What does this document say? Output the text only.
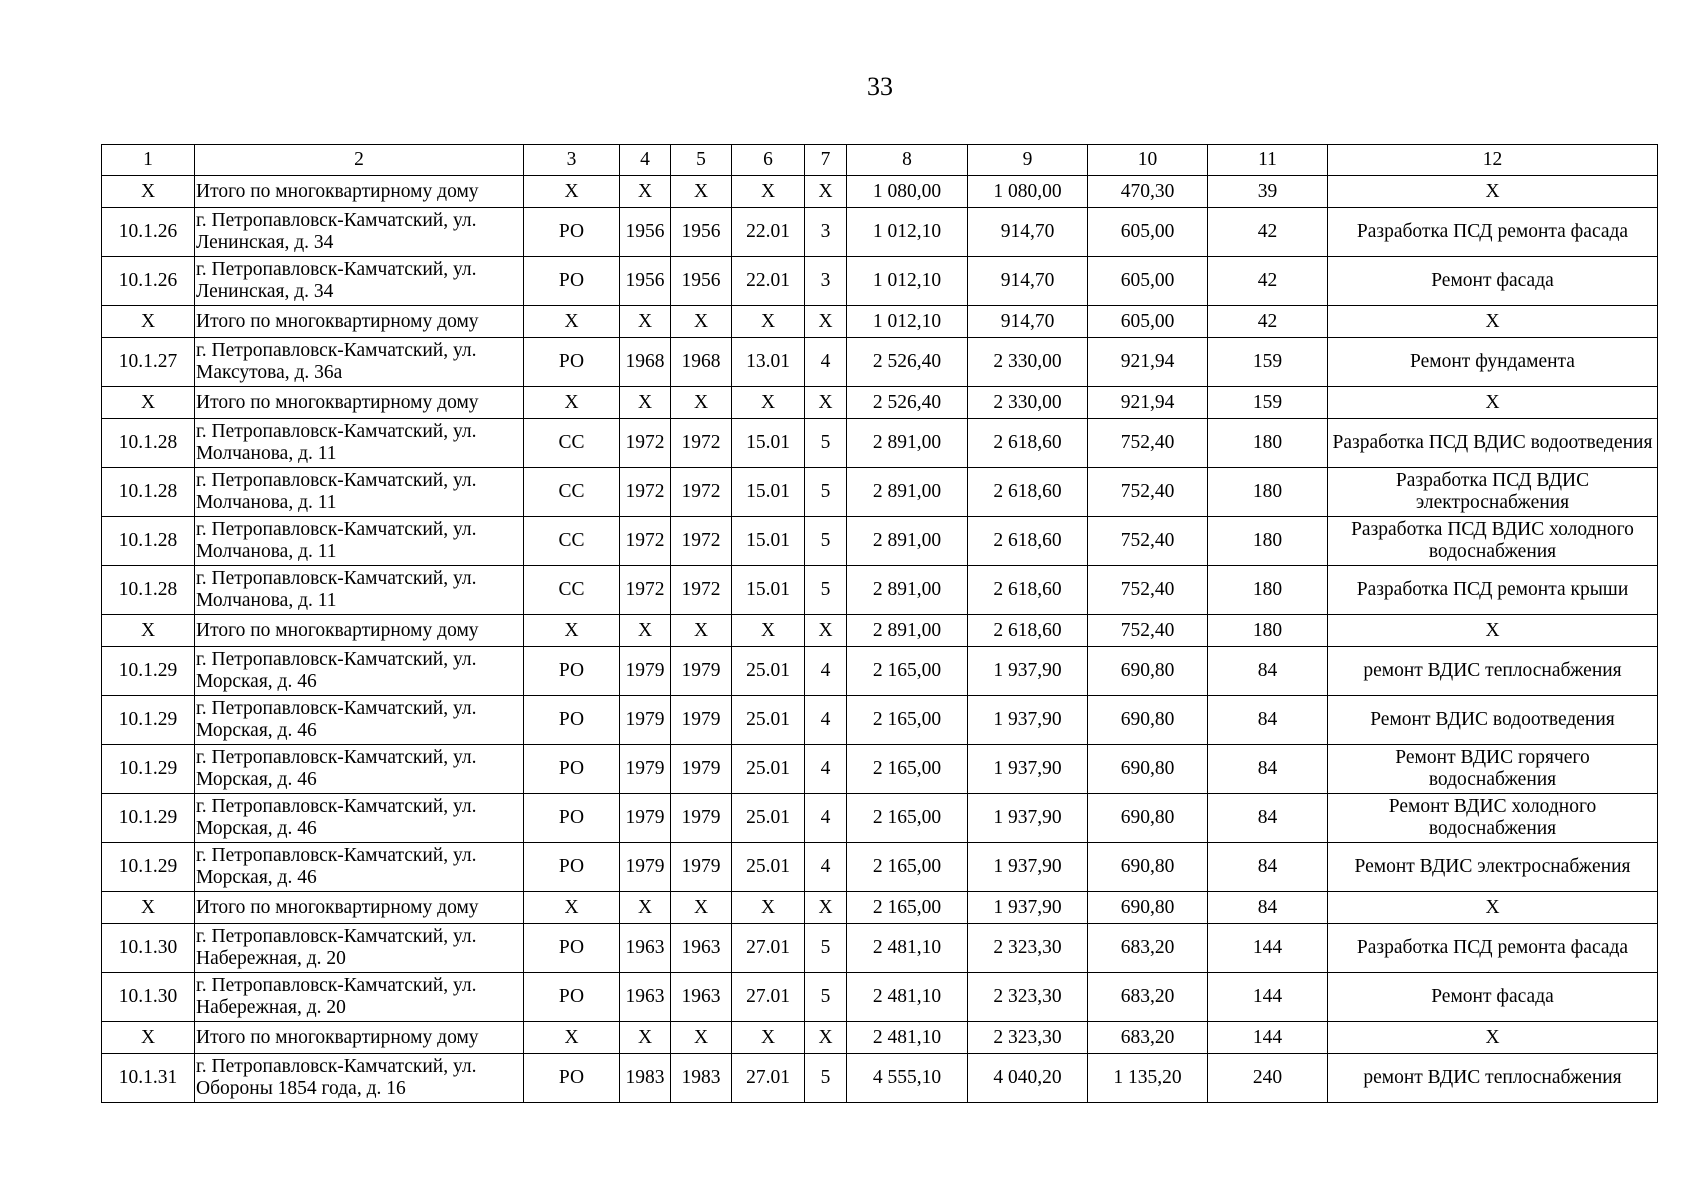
33
1	2	3	4	5	6	7	8	9	10	11	12
X	Итого по многоквартирному дому	X	X	X	X	X	1 080,00	1 080,00	470,30	39	X
10.1.26	г. Петропавловск-Камчатский, ул. Ленинская, д. 34	РО	1956	1956	22.01	3	1 012,10	914,70	605,00	42	Разработка ПСД ремонта фасада
10.1.26	г. Петропавловск-Камчатский, ул. Ленинская, д. 34	РО	1956	1956	22.01	3	1 012,10	914,70	605,00	42	Ремонт фасада
X	Итого по многоквартирному дому	X	X	X	X	X	1 012,10	914,70	605,00	42	X
10.1.27	г. Петропавловск-Камчатский, ул. Максутова, д. 36а	РО	1968	1968	13.01	4	2 526,40	2 330,00	921,94	159	Ремонт фундамента
X	Итого по многоквартирному дому	X	X	X	X	X	2 526,40	2 330,00	921,94	159	X
10.1.28	г. Петропавловск-Камчатский, ул. Молчанова, д. 11	СС	1972	1972	15.01	5	2 891,00	2 618,60	752,40	180	Разработка ПСД ВДИС водоотведения
10.1.28	г. Петропавловск-Камчатский, ул. Молчанова, д. 11	СС	1972	1972	15.01	5	2 891,00	2 618,60	752,40	180	Разработка ПСД ВДИС электроснабжения
10.1.28	г. Петропавловск-Камчатский, ул. Молчанова, д. 11	СС	1972	1972	15.01	5	2 891,00	2 618,60	752,40	180	Разработка ПСД ВДИС холодного водоснабжения
10.1.28	г. Петропавловск-Камчатский, ул. Молчанова, д. 11	СС	1972	1972	15.01	5	2 891,00	2 618,60	752,40	180	Разработка ПСД ремонта крыши
X	Итого по многоквартирному дому	X	X	X	X	X	2 891,00	2 618,60	752,40	180	X
10.1.29	г. Петропавловск-Камчатский, ул. Морская, д. 46	РО	1979	1979	25.01	4	2 165,00	1 937,90	690,80	84	ремонт ВДИС теплоснабжения
10.1.29	г. Петропавловск-Камчатский, ул. Морская, д. 46	РО	1979	1979	25.01	4	2 165,00	1 937,90	690,80	84	Ремонт ВДИС водоотведения
10.1.29	г. Петропавловск-Камчатский, ул. Морская, д. 46	РО	1979	1979	25.01	4	2 165,00	1 937,90	690,80	84	Ремонт ВДИС горячего водоснабжения
10.1.29	г. Петропавловск-Камчатский, ул. Морская, д. 46	РО	1979	1979	25.01	4	2 165,00	1 937,90	690,80	84	Ремонт ВДИС холодного водоснабжения
10.1.29	г. Петропавловск-Камчатский, ул. Морская, д. 46	РО	1979	1979	25.01	4	2 165,00	1 937,90	690,80	84	Ремонт ВДИС электроснабжения
X	Итого по многоквартирному дому	X	X	X	X	X	2 165,00	1 937,90	690,80	84	X
10.1.30	г. Петропавловск-Камчатский, ул. Набережная, д. 20	РО	1963	1963	27.01	5	2 481,10	2 323,30	683,20	144	Разработка ПСД ремонта фасада
10.1.30	г. Петропавловск-Камчатский, ул. Набережная, д. 20	РО	1963	1963	27.01	5	2 481,10	2 323,30	683,20	144	Ремонт фасада
X	Итого по многоквартирному дому	X	X	X	X	X	2 481,10	2 323,30	683,20	144	X
10.1.31	г. Петропавловск-Камчатский, ул. Обороны 1854 года, д. 16	РО	1983	1983	27.01	5	4 555,10	4 040,20	1 135,20	240	ремонт ВДИС теплоснабжения
